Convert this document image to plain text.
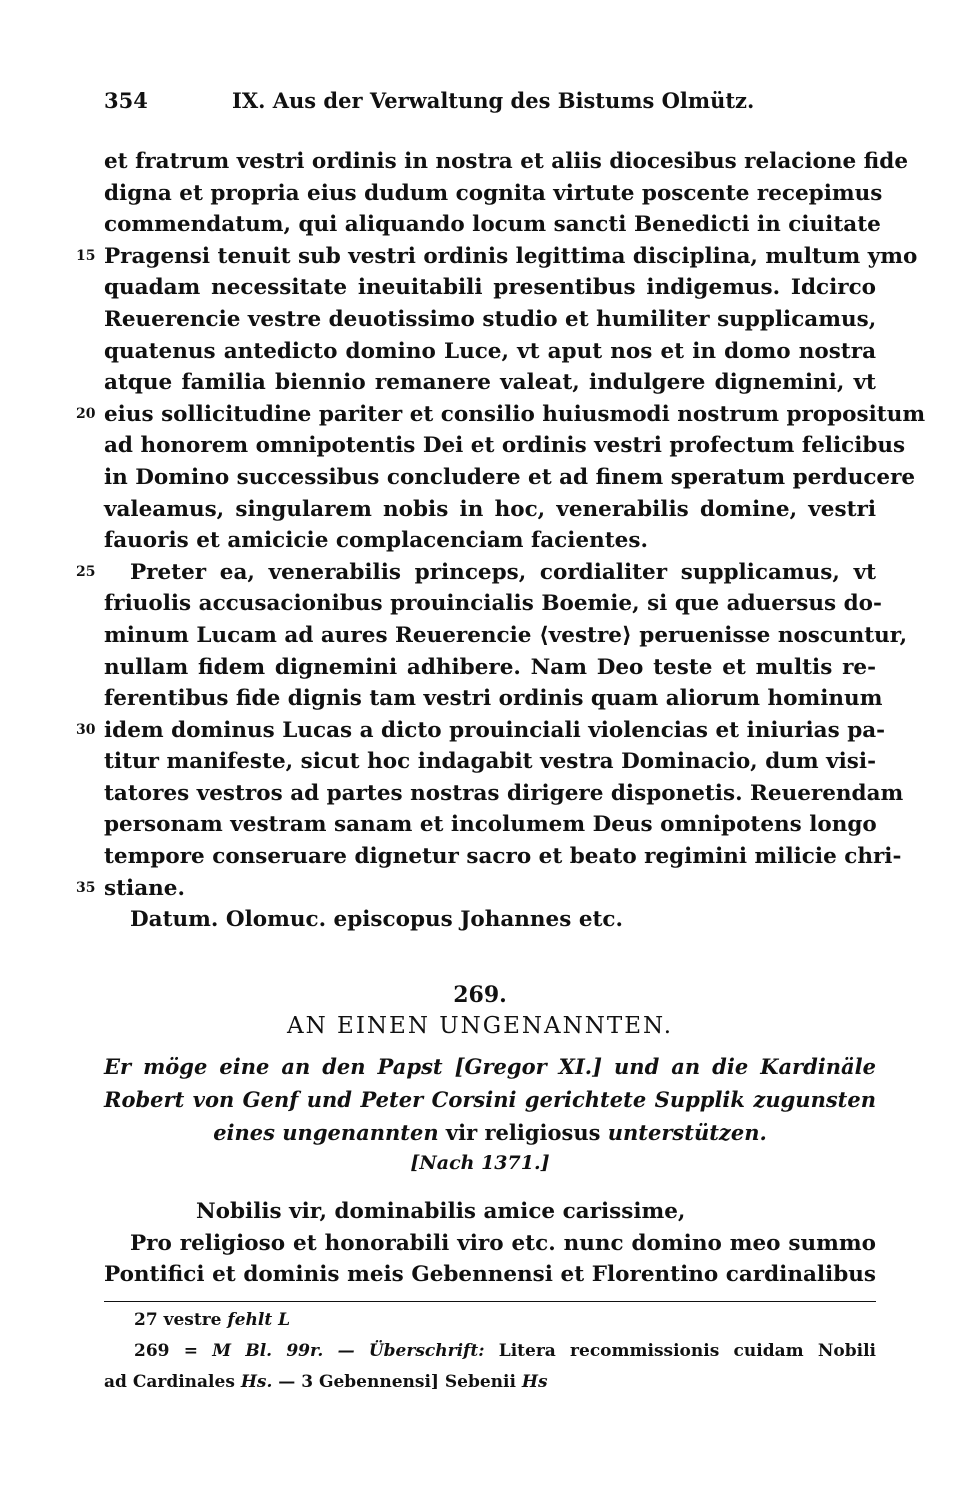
354	IX. Aus der Verwaltung des Bistums Olmütz.
et fratrum vestri ordinis in nostra et aliis diocesibus relacione fide
digna et propria eius dudum cognita virtute poscente recepimus
commendatum, qui aliquando locum sancti Benedicti in ciuitate
15 Pragensi tenuit sub vestri ordinis legittima disciplina, multum ymo
quadam necessitate ineuitabili presentibus indigemus. Idcirco
Reuerencie vestre deuotissimo studio et humiliter supplicamus,
quatenus antedicto domino Luce, vt aput nos et in domo nostra
atque familia biennio remanere valeat, indulgere dignemini, vt
20 eius sollicitudine pariter et consilio huiusmodi nostrum propositum
ad honorem omnipotentis Dei et ordinis vestri profectum felicibus
in Domino successibus concludere et ad finem speratum perducere
valeamus, singularem nobis in hoc, venerabilis domine, vestri
fauoris et amicicie complacenciam facientes.
25 Preter ea, venerabilis princeps, cordialiter supplicamus, vt
friuolis accusacionibus prouincialis Boemie, si que aduersus do-
minum Lucam ad aures Reuerencie ⟨vestre⟩ peruenisse noscuntur,
nullam fidem dignemini adhibere. Nam Deo teste et multis re-
ferentibus fide dignis tam vestri ordinis quam aliorum hominum
30 idem dominus Lucas a dicto prouinciali violencias et iniurias pa-
titur manifeste, sicut hoc indagabit vestra Dominacio, dum visi-
tatores vestros ad partes nostras dirigere disponetis. Reuerendam
personam vestram sanam et incolumem Deus omnipotens longo
tempore conseruare dignetur sacro et beato regimini milicie chri-
35 stiane.
Datum. Olomuc. episcopus Johannes etc.
269.
AN EINEN UNGENANNTEN.
Er möge eine an den Papst [Gregor XI.] und an die Kardinäle
Robert von Genf und Peter Corsini gerichtete Supplik zugunsten
eines ungenannten vir religiosus unterstützen.
[Nach 1371.]
Nobilis vir, dominabilis amice carissime,
Pro religioso et honorabili viro etc. nunc domino meo summo
Pontifici et dominis meis Gebennensi et Florentino cardinalibus
27 vestre fehlt L
269 = M Bl. 99r. — Überschrift: Litera recommissionis cuidam Nobili
ad Cardinales Hs. — 3 Gebennensi] Sebenii Hs
